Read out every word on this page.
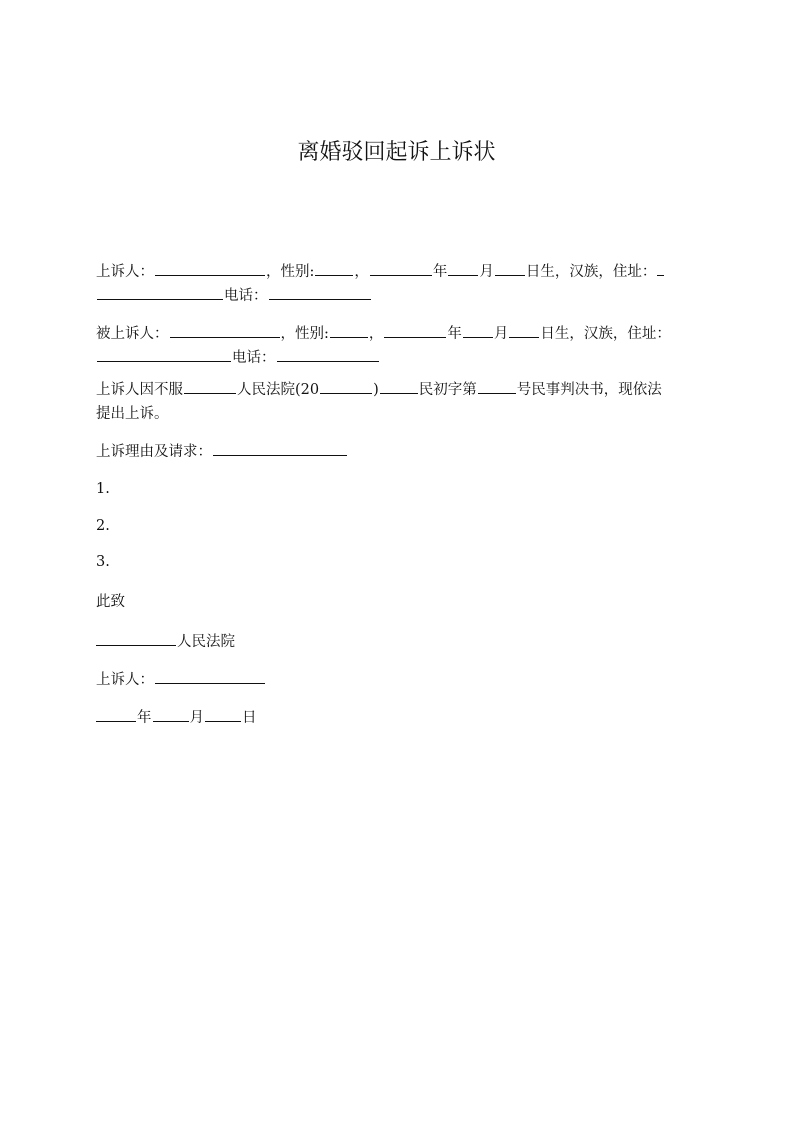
离婚驳回起诉上诉状
上诉人：	，性别:	，	年 月 日生，汉族，住址：
电话：
被上诉人：	，性别:	，	年 月 日生，汉族，住址：
电话：
上诉人因不服	人民法院(20	)	民初字第	号民事判决书，现依法
提出上诉。
上诉理由及请求：
1.
2.
3.
此致
人民法院
上诉人：
年	月	日
